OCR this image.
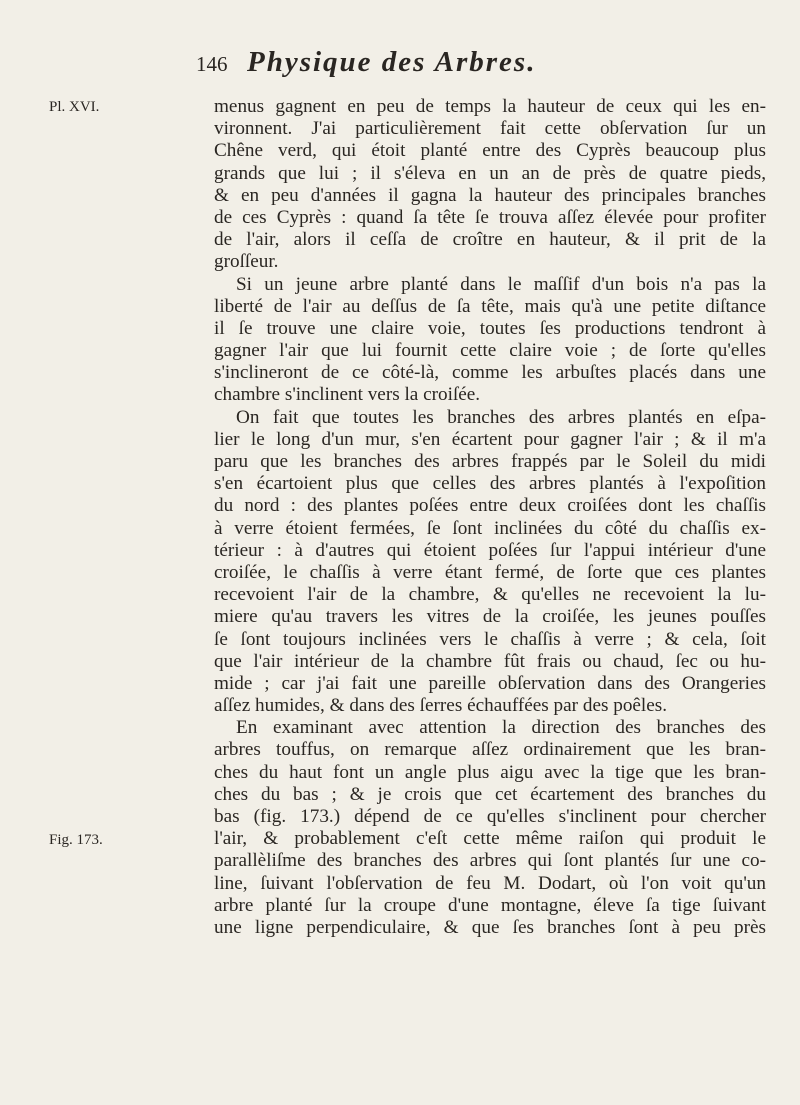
146 Physique des Arbres.
Pl. XVI.
Fig. 173.
menus gagnent en peu de temps la hauteur de ceux qui les en-
vironnent. J'ai particulièrement fait cette obſervation ſur un
Chêne verd, qui étoit planté entre des Cyprès beaucoup plus
grands que lui ; il s'éleva en un an de près de quatre pieds,
& en peu d'années il gagna la hauteur des principales branches
de ces Cyprès : quand ſa tête ſe trouva aſſez élevée pour profiter
de l'air, alors il ceſſa de croître en hauteur, & il prit de la
groſſeur.
Si un jeune arbre planté dans le maſſif d'un bois n'a pas la
liberté de l'air au deſſus de ſa tête, mais qu'à une petite diſtance
il ſe trouve une claire voie, toutes ſes productions tendront à
gagner l'air que lui fournit cette claire voie ; de ſorte qu'elles
s'inclineront de ce côté-là, comme les arbuſtes placés dans une
chambre s'inclinent vers la croiſée.
On fait que toutes les branches des arbres plantés en eſpa-
lier le long d'un mur, s'en écartent pour gagner l'air ; & il m'a
paru que les branches des arbres frappés par le Soleil du midi
s'en écartoient plus que celles des arbres plantés à l'expoſition
du nord : des plantes poſées entre deux croiſées dont les chaſſis
à verre étoient fermées, ſe ſont inclinées du côté du chaſſis ex-
térieur : à d'autres qui étoient poſées ſur l'appui intérieur d'une
croiſée, le chaſſis à verre étant fermé, de ſorte que ces plantes
recevoient l'air de la chambre, & qu'elles ne recevoient la lu-
miere qu'au travers les vitres de la croiſée, les jeunes pouſſes
ſe ſont toujours inclinées vers le chaſſis à verre ; & cela, ſoit
que l'air intérieur de la chambre fût frais ou chaud, ſec ou hu-
mide ; car j'ai fait une pareille obſervation dans des Orangeries
aſſez humides, & dans des ſerres échauffées par des poêles.
En examinant avec attention la direction des branches des
arbres touffus, on remarque aſſez ordinairement que les bran-
ches du haut font un angle plus aigu avec la tige que les bran-
ches du bas ; & je crois que cet écartement des branches du
bas (fig. 173.) dépend de ce qu'elles s'inclinent pour chercher
l'air, & probablement c'eſt cette même raiſon qui produit le
parallèliſme des branches des arbres qui ſont plantés ſur une co-
line, ſuivant l'obſervation de feu M. Dodart, où l'on voit qu'un
arbre planté ſur la croupe d'une montagne, éleve ſa tige ſuivant
une ligne perpendiculaire, & que ſes branches ſont à peu près
